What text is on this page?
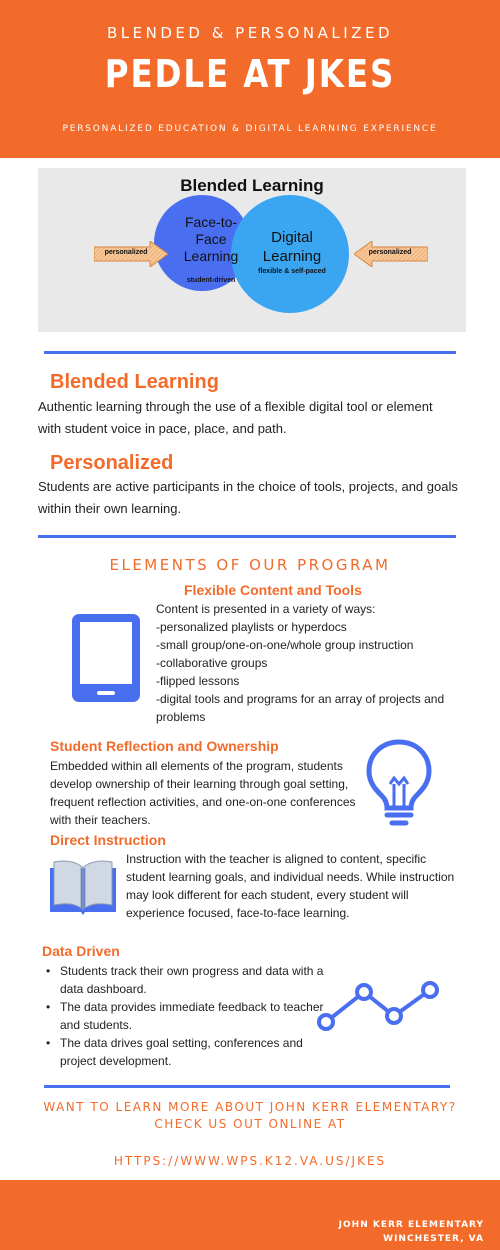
BLENDED & PERSONALIZED
PEDLE AT JKES
PERSONALIZED EDUCATION & DIGITAL LEARNING EXPERIENCE
Blended Learning
Face-to-
Face
Learning
student-driven
Digital
Learning
flexible & self-paced
personalized	personalized
Blended Learning
Authentic learning through the use of a flexible digital tool or element with student voice in pace, place, and path.
Personalized
Students are active participants in the choice of tools, projects, and goals within their own learning.
ELEMENTS OF OUR PROGRAM
Flexible Content and Tools
Content is presented in a variety of ways:
-personalized playlists or hyperdocs
-small group/one-on-one/whole group instruction
-collaborative groups
-flipped lessons
-digital tools and programs for an array of projects and problems
Student Reflection and Ownership
Embedded within all elements of the program, students develop ownership of their learning through goal setting, frequent reflection activities, and one-on-one conferences with their teachers.
Direct Instruction
Instruction with the teacher is aligned to content, specific student learning goals, and individual needs. While instruction may look different for each student, every student will experience focused, face-to-face learning.
Data Driven
• Students track their own progress and data with a data dashboard.
• The data provides immediate feedback to teacher and students.
• The data drives goal setting, conferences and project development.
WANT TO LEARN MORE ABOUT JOHN KERR ELEMENTARY?
CHECK US OUT ONLINE AT
HTTPS://WWW.WPS.K12.VA.US/JKES
JOHN KERR ELEMENTARY
WINCHESTER, VA
